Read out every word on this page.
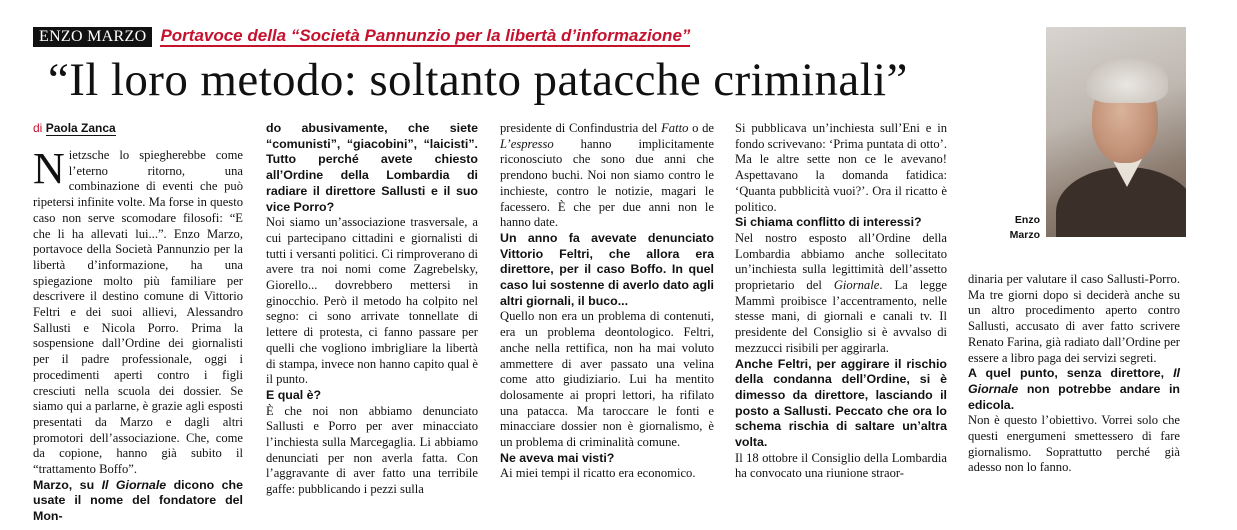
ENZO MARZO Portavoce della “Società Pannunzio per la libertà d’informazione”
“Il loro metodo: soltanto patacche criminali”
di Paola Zanca

Nietzsche lo spiegherebbe come l’eterno ritorno, una combinazione di eventi che può ripetersi infinite volte. Ma forse in questo caso non serve scomodare filosofi: “E che li ha allevati lui...”. Enzo Marzo, portavoce della Società Pannunzio per la libertà d’informazione, ha una spiegazione molto più familiare per descrivere il destino comune di Vittorio Feltri e dei suoi allievi, Alessandro Sallusti e Nicola Porro. Prima la sospensione dall’Ordine dei giornalisti per il padre professionale, oggi i procedimenti aperti contro i figli cresciuti nella scuola dei dossier. Se siamo qui a parlarne, è grazie agli esposti presentati da Marzo e dagli altri promotori dell’associazione. Che, come da copione, hanno già subito il “trattamento Boffo”.

Marzo, su Il Giornale dicono che usate il nome del fondatore del Mon-

do abusivamente, che siete “comunisti”, “giacobini”, “laicisti”. Tutto perché avete chiesto all’Ordine della Lombardia di radiare il direttore Sallusti e il suo vice Porro?

Noi siamo un’associazione trasversale, a cui partecipano cittadini e giornalisti di tutti i versanti politici. Ci rimproverano di avere tra noi nomi come Zagrebelsky, Giorello... dovrebbero mettersi in ginocchio. Però il metodo ha colpito nel segno: ci sono arrivate tonnellate di lettere di protesta, ci fanno passare per quelli che vogliono imbrigliare la libertà di stampa, invece non hanno capito qual è il punto.

E qual è?

È che noi non abbiamo denunciato Sallusti e Porro per aver minacciato l’inchiesta sulla Marcegaglia. Li abbiamo denunciati per non averla fatta. Con l’aggravante di aver fatto una terribile gaffe: pubblicando i pezzi sulla

presidente di Confindustria del Fatto o de L’espresso hanno implicitamente riconosciuto che sono due anni che prendono buchi. Noi non siamo contro le inchieste, contro le notizie, magari le facessero. È che per due anni non le hanno date.

Un anno fa avevate denunciato Vittorio Feltri, che allora era direttore, per il caso Boffo. In quel caso lui sostenne di averlo dato agli altri giornali, il buco...

Quello non era un problema di contenuti, era un problema deontologico. Feltri, anche nella rettifica, non ha mai voluto ammettere di aver passato una velina come atto giudiziario. Lui ha mentito dolosamente ai propri lettori, ha rifilato una patacca. Ma taroccare le fonti e minacciare dossier non è giornalismo, è un problema di criminalità comune.

Ne aveva mai visti?

Ai miei tempi il ricatto era economico.

Si pubblicava un’inchiesta sull’Eni e in fondo scrivevano: ‘Prima puntata di otto’. Ma le altre sette non ce le avevano! Aspettavano la domanda fatidica: ‘Quanta pubblicità vuoi?’. Ora il ricatto è politico.

Si chiama conflitto di interessi?

Nel nostro esposto all’Ordine della Lombardia abbiamo anche sollecitato un’inchiesta sulla legittimità dell’assetto proprietario del Giornale. La legge Mammì proibisce l’accentramento, nelle stesse mani, di giornali e canali tv. Il presidente del Consiglio si è avvalso di mezzucci risibili per aggirarla.

Anche Feltri, per aggirare il rischio della condanna dell’Ordine, si è dimesso da direttore, lasciando il posto a Sallusti. Peccato che ora lo schema rischia di saltare un’altra volta.

Il 18 ottobre il Consiglio della Lombardia ha convocato una riunione straor-

Enzo
Marzo

dinaria per valutare il caso Sallusti-Porro. Ma tre giorni dopo si deciderà anche su un altro procedimento aperto contro Sallusti, accusato di aver fatto scrivere Renato Farina, già radiato dall’Ordine per essere a libro paga dei servizi segreti.

A quel punto, senza direttore, Il Giornale non potrebbe andare in edicola.

Non è questo l’obiettivo. Vorrei solo che questi energumeni smettessero di fare giornalismo. Soprattutto perché già adesso non lo fanno.
